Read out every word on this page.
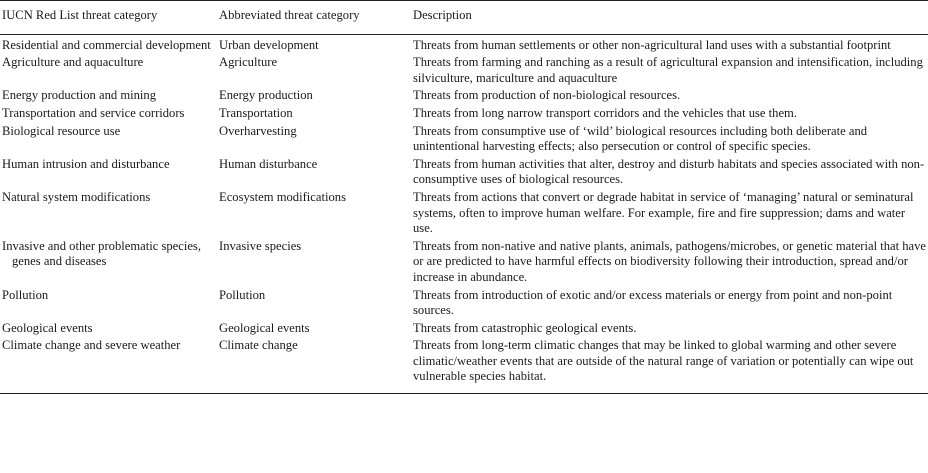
IUCN Red List threat category	Abbreviated threat category	Description

Residential and commercial development	Urban development	Threats from human settlements or other non-agricultural land uses with a substantial footprint

Agriculture and aquaculture	Agriculture	Threats from farming and ranching as a result of agricultural expansion and intensification, including silviculture, mariculture and aquaculture

Energy production and mining	Energy production	Threats from production of non-biological resources.

Transportation and service corridors	Transportation	Threats from long narrow transport corridors and the vehicles that use them.

Biological resource use	Overharvesting	Threats from consumptive use of ‘wild’ biological resources including both deliberate and unintentional harvesting effects; also persecution or control of specific species.

Human intrusion and disturbance	Human disturbance	Threats from human activities that alter, destroy and disturb habitats and species associated with non-consumptive uses of biological resources.

Natural system modifications	Ecosystem modifications	Threats from actions that convert or degrade habitat in service of ‘managing’ natural or seminatural systems, often to improve human welfare. For example, fire and fire suppression; dams and water use.

Invasive and other problematic species, genes and diseases	Invasive species	Threats from non-native and native plants, animals, pathogens/microbes, or genetic material that have or are predicted to have harmful effects on biodiversity following their introduction, spread and/or increase in abundance.

Pollution	Pollution	Threats from introduction of exotic and/or excess materials or energy from point and non-point sources.

Geological events	Geological events	Threats from catastrophic geological events.

Climate change and severe weather	Climate change	Threats from long-term climatic changes that may be linked to global warming and other severe climatic/weather events that are outside of the natural range of variation or potentially can wipe out vulnerable species habitat.
